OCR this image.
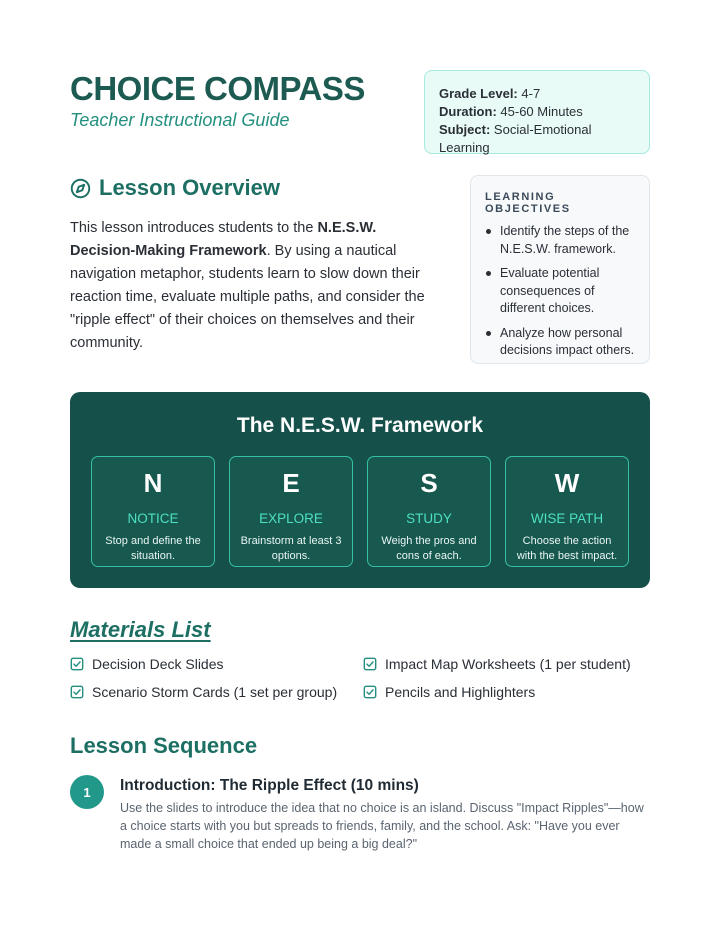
CHOICE COMPASS
Teacher Instructional Guide
Grade Level: 4-7
Duration: 45-60 Minutes
Subject: Social-Emotional Learning
Lesson Overview
This lesson introduces students to the N.E.S.W. Decision-Making Framework. By using a nautical navigation metaphor, students learn to slow down their reaction time, evaluate multiple paths, and consider the "ripple effect" of their choices on themselves and their community.
LEARNING OBJECTIVES
Identify the steps of the N.E.S.W. framework.
Evaluate potential consequences of different choices.
Analyze how personal decisions impact others.
The N.E.S.W. Framework
N
NOTICE
Stop and define the situation.
E
EXPLORE
Brainstorm at least 3 options.
S
STUDY
Weigh the pros and cons of each.
W
WISE PATH
Choose the action with the best impact.
Materials List
Decision Deck Slides	Impact Map Worksheets (1 per student)
Scenario Storm Cards (1 set per group)	Pencils and Highlighters
Lesson Sequence
1	Introduction: The Ripple Effect (10 mins)
Use the slides to introduce the idea that no choice is an island. Discuss "Impact Ripples"—how a choice starts with you but spreads to friends, family, and the school. Ask: "Have you ever made a small choice that ended up being a big deal?"
